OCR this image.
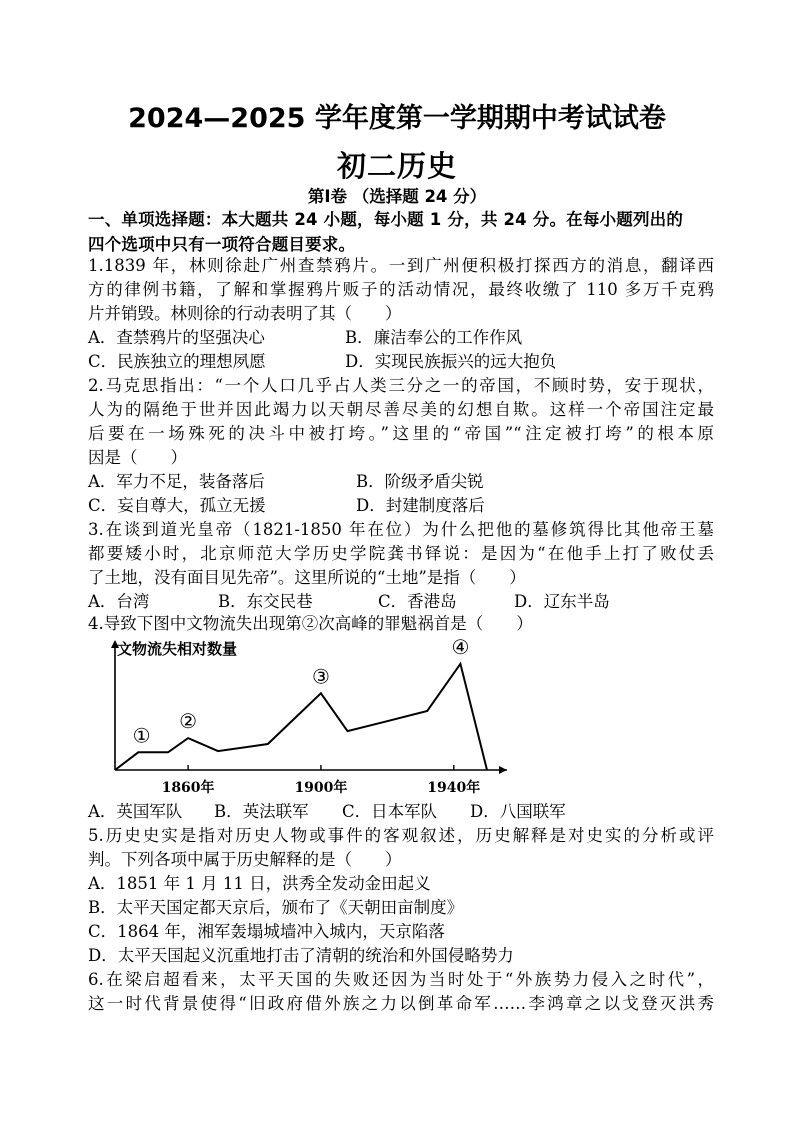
2024—2025 学年度第一学期期中考试试卷
初二历史
第Ⅰ卷 （选择题 24 分）
一、单项选择题：本大题共 24 小题，每小题 1 分，共 24 分。在每小题列出的
四个选项中只有一项符合题目要求。
1.1839 年，林则徐赴广州查禁鸦片。一到广州便积极打探西方的消息，翻译西
方的律例书籍，了解和掌握鸦片贩子的活动情况，最终收缴了 110 多万千克鸦
片并销毁。林则徐的行动表明了其（　　）
A．查禁鸦片的坚强决心	B．廉洁奉公的工作作风
C．民族独立的理想夙愿	D．实现民族振兴的远大抱负
2.马克思指出：“一个人口几乎占人类三分之一的帝国，不顾时势，安于现状，
人为的隔绝于世并因此竭力以天朝尽善尽美的幻想自欺。这样一个帝国注定最
后要在一场殊死的决斗中被打垮。”这里的“帝国”“注定被打垮”的根本原
因是（　　）
A．军力不足，装备落后	B．阶级矛盾尖锐
C．妄自尊大，孤立无援	D．封建制度落后
3.在谈到道光皇帝（1821-1850 年在位）为什么把他的墓修筑得比其他帝王墓
都要矮小时，北京师范大学历史学院龚书铎说：是因为“在他手上打了败仗丢
了土地，没有面目见先帝”。这里所说的“土地”是指（　　）
A．台湾	B．东交民巷	C．香港岛	D．辽东半岛
4.导致下图中文物流失出现第②次高峰的罪魁祸首是（　　）
文物流失相对数量
①
②
③
④
1860年	1900年	1940年
A．英国军队 B．英法联军 C．日本军队 D．八国联军
5.历史史实是指对历史人物或事件的客观叙述，历史解释是对史实的分析或评
判。下列各项中属于历史解释的是（　　）
A．1851 年 1 月 11 日，洪秀全发动金田起义
B．太平天国定都天京后，颁布了《天朝田亩制度》
C．1864 年，湘军轰塌城墙冲入城内，天京陷落
D．太平天国起义沉重地打击了清朝的统治和外国侵略势力
6.在梁启超看来，太平天国的失败还因为当时处于“外族势力侵入之时代”，
这一时代背景使得“旧政府借外族之力以倒革命军……李鸿章之以戈登灭洪秀
